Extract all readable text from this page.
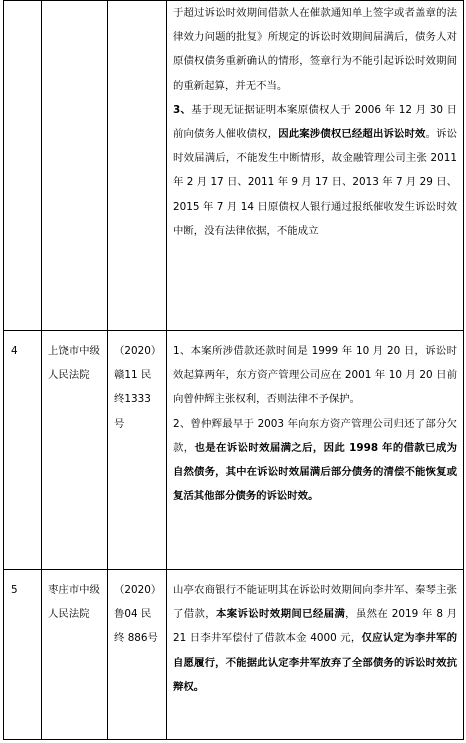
			于超过诉讼时效期间借款人在催款通知单上签字或者盖章的法律效力问题的批复》所规定的诉讼时效期间届满后，债务人对原债权债务重新确认的情形，签章行为不能引起诉讼时效期间的重新起算，并无不当。

3、基于现无证据证明本案原债权人于 2006 年 12 月 30 日前向债务人催收债权，因此案涉债权已经超出诉讼时效。诉讼时效届满后，不能发生中断情形，故金融管理公司主张 2011 年 2 月 17 日、2011 年 9 月 17 日、2013 年 7 月 29 日、2015 年 7 月 14 日原债权人银行通过报纸催收发生诉讼时效中断，没有法律依据，不能成立

4	上饶市中级人民法院	（2020）赣11 民 终1333 号	1、本案所涉借款还款时间是 1999 年 10 月 20 日，诉讼时效起算两年，东方资产管理公司应在 2001 年 10 月 20 日前向曾仲辉主张权利，否则法律不予保护。

2、曾仲辉最早于 2003 年向东方资产管理公司归还了部分欠款，也是在诉讼时效届满之后，因此 1998 年的借款已成为自然债务，其中在诉讼时效届满后部分债务的清偿不能恢复或复活其他部分债务的诉讼时效。

5	枣庄市中级人民法院	（2020）鲁04 民终 886号	山亭农商银行不能证明其在诉讼时效期间向李井军、秦琴主张了借款，本案诉讼时效期间已经届满，虽然在 2019 年 8 月 21 日李井军偿付了借款本金 4000 元，仅应认定为李井军的自愿履行，不能据此认定李井军放弃了全部债务的诉讼时效抗辩权。
